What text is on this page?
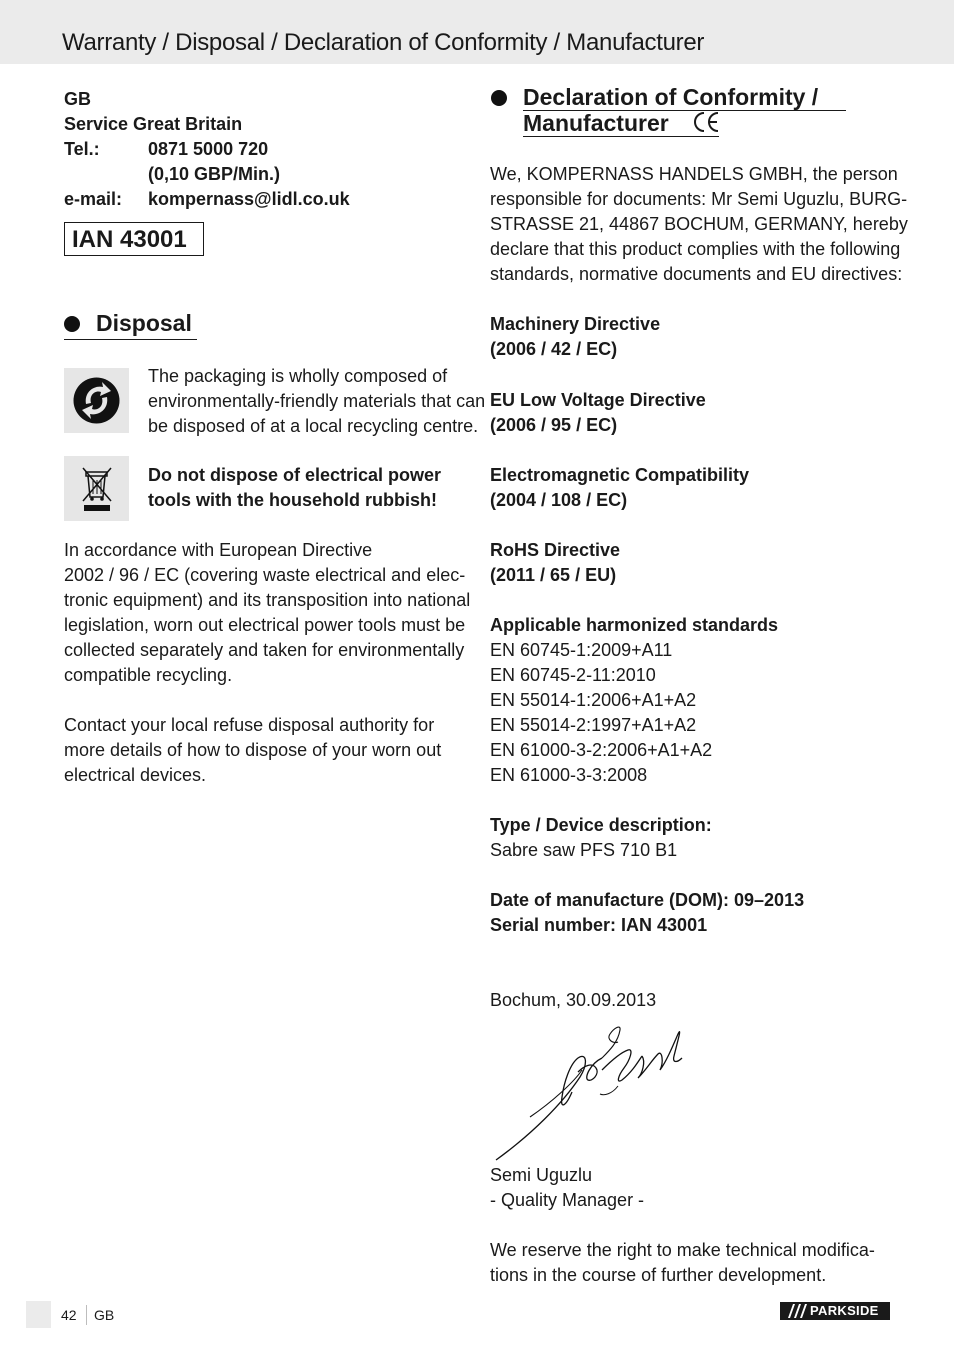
Warranty / Disposal / Declaration of Conformity / Manufacturer
GB
Service Great Britain
Tel.:	0871 5000 720
(0,10 GBP/Min.)
e-mail: kompernass@lidl.co.uk
IAN 43001
Disposal
The packaging is wholly composed of
environmentally-friendly materials that can
be disposed of at a local recycling centre.
Do not dispose of electrical power
tools with the household rubbish!
In accordance with European Directive
2002 / 96 / EC (covering waste electrical and elec-
tronic equipment) and its transposition into national
legislation, worn out electrical power tools must be
collected separately and taken for environmentally
compatible recycling.
Contact your local refuse disposal authority for
more details of how to dispose of your worn out
electrical devices.
Declaration of Conformity /
Manufacturer
We, KOMPERNASS HANDELS GMBH, the person
responsible for documents: Mr Semi Uguzlu, BURG-
STRASSE 21, 44867 BOCHUM, GERMANY, hereby
declare that this product complies with the following
standards, normative documents and EU directives:
Machinery Directive
(2006 / 42 / EC)
EU Low Voltage Directive
(2006 / 95 / EC)
Electromagnetic Compatibility
(2004 / 108 / EC)
RoHS Directive
(2011 / 65 / EU)
Applicable harmonized standards
EN 60745-1:2009+A11
EN 60745-2-11:2010
EN 55014-1:2006+A1+A2
EN 55014-2:1997+A1+A2
EN 61000-3-2:2006+A1+A2
EN 61000-3-3:2008
Type / Device description:
Sabre saw PFS 710 B1
Date of manufacture (DOM): 09–2013
Serial number: IAN 43001
Bochum, 30.09.2013
Semi Uguzlu
- Quality Manager -
We reserve the right to make technical modifica-
tions in the course of further development.
42 GB	PARKSIDE
